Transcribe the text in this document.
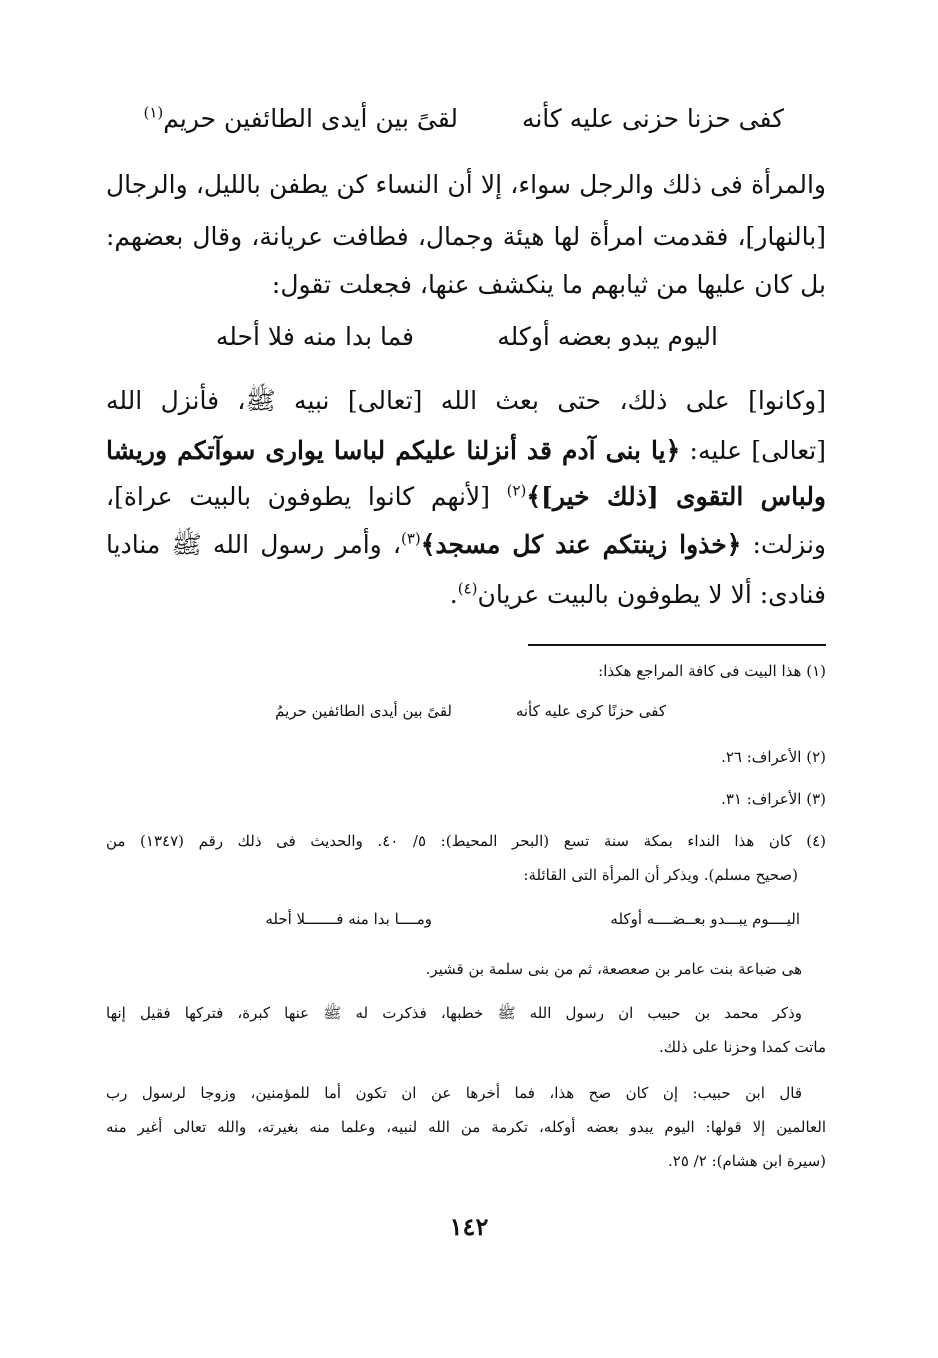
كفى حزنا حزنى عليه كأنه
لقىً بين أيدى الطائفين حريم$^{(١)}$
والمرأة فى ذلك والرجل سواء، إلا أن النساء كن يطفن بالليل، والرجال
[بالنهار]، فقدمت امرأة لها هيئة وجمال، فطافت عريانة، وقال بعضهم:
بل كان عليها من ثيابهم ما ينكشف عنها، فجعلت تقول:
اليوم يبدو بعضه أوكله
فما بدا منه فلا أحله
[وكانوا] على ذلك، حتى بعث الله [تعالى] نبيه ﷺ، فأنزل الله
[تعالى] عليه: ﴿يا بنى آدم قد أنزلنا عليكم لباسا يوارى سوآتكم وريشا
ولباس التقوى [ذلك خير]﴾$^{(٢)}$ [لأنهم كانوا يطوفون بالبيت عراة]،
ونزلت: ﴿خذوا زينتكم عند كل مسجد﴾$^{(٣)}$، وأمر رسول الله ﷺ مناديا
فنادى: ألا لا يطوفون بالبيت عريان$^{(٤)}$.
(١) هذا البيت فى كافة المراجع هكذا:
كفى حزنًا كرى عليه كأنه
لقىً بين أيدى الطائفين حريمُ
(٢) الأعراف: ٢٦.
(٣) الأعراف: ٣١.
(٤) كان هذا النداء بمكة سنة تسع (البحر المحيط): ٥/ ٤٠. والحديث فى ذلك رقم (١٣٤٧) من
(صحيح مسلم). ويذكر أن المرأة التى القائلة:
اليــــوم يبـــدو بعــضــــه أوكله
ومــــا بدا منه فـــــــلا أحله
هى ضباعة بنت عامر بن صعصعة، ثم من بنى سلمة بن قشير.
وذكر محمد بن حبيب ان رسول الله ﷺ خطبها، فذكرت له ﷺ عنها كبرة، فتركها فقيل إنها
ماتت كمدا وحزنا على ذلك.
قال ابن حبيب: إن كان صح هذا، فما أخرها عن ان تكون أما للمؤمنين، وزوجا لرسول رب
العالمين إلا قولها: اليوم يبدو بعضه أوكله، تكرمة من الله لنبيه، وعلما منه بغيرته، والله تعالى أغير منه
(سيرة ابن هشام): ٢/ ٢٥.
١٤٢
